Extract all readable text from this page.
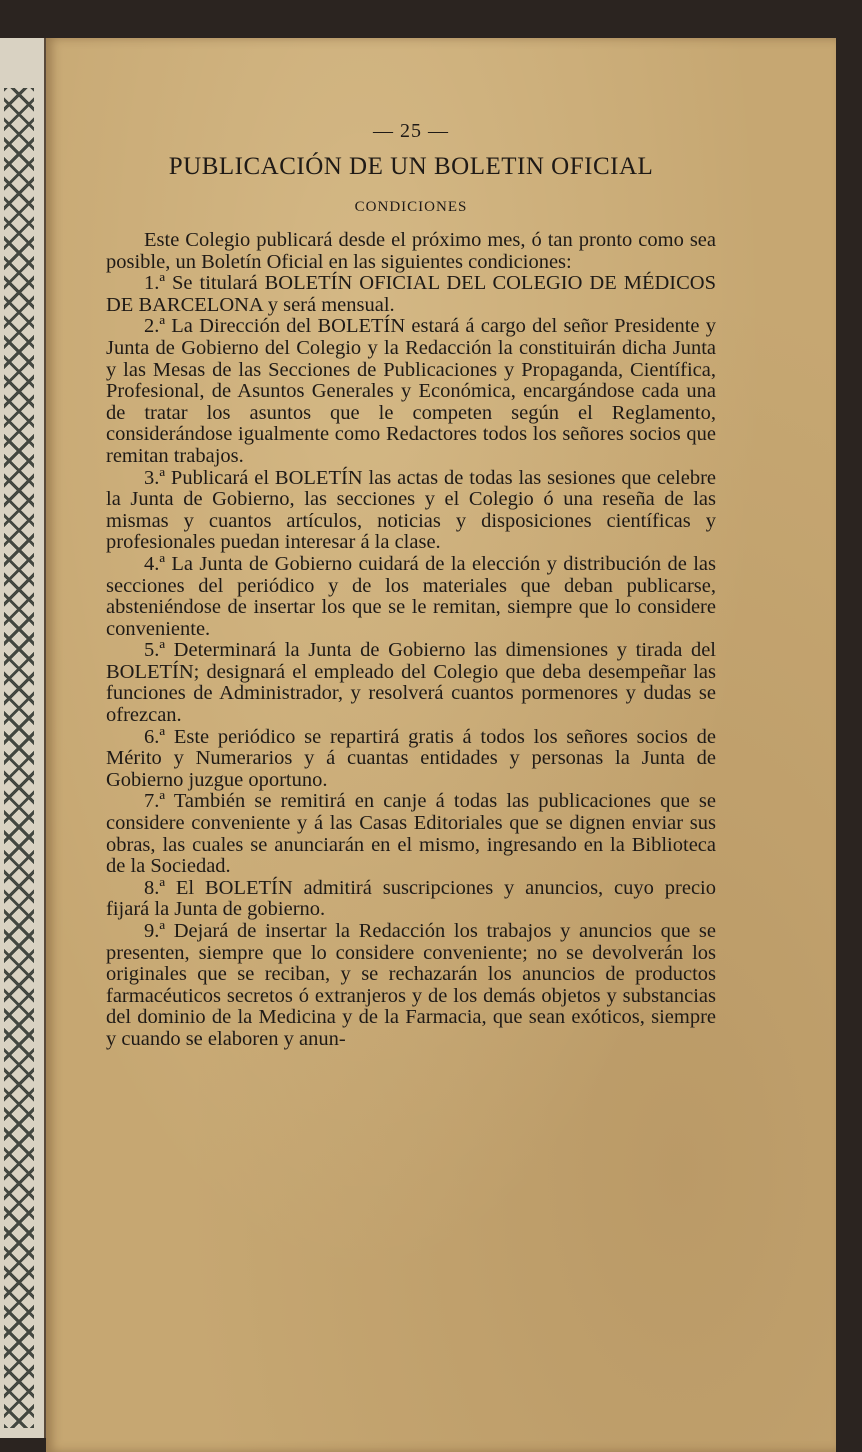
— 25 —

PUBLICACIÓN DE UN BOLETIN OFICIAL

CONDICIONES

Este Colegio publicará desde el próximo mes, ó tan pronto como sea posible, un Boletín Oficial en las siguientes condiciones:

1.ª Se titulará BOLETÍN OFICIAL DEL COLEGIO DE MÉDICOS DE BARCELONA y será mensual.

2.ª La Dirección del BOLETÍN estará á cargo del señor Presidente y Junta de Gobierno del Colegio y la Redacción la constituirán dicha Junta y las Mesas de las Secciones de Publicaciones y Propaganda, Científica, Profesional, de Asuntos Generales y Económica, encargándose cada una de tratar los asuntos que le competen según el Reglamento, considerándose igualmente como Redactores todos los señores socios que remitan trabajos.

3.ª Publicará el BOLETÍN las actas de todas las sesiones que celebre la Junta de Gobierno, las secciones y el Colegio ó una reseña de las mismas y cuantos artículos, noticias y disposiciones científicas y profesionales puedan interesar á la clase.

4.ª La Junta de Gobierno cuidará de la elección y distribución de las secciones del periódico y de los materiales que deban publicarse, absteniéndose de insertar los que se le remitan, siempre que lo considere conveniente.

5.ª Determinará la Junta de Gobierno las dimensiones y tirada del BOLETÍN; designará el empleado del Colegio que deba desempeñar las funciones de Administrador, y resolverá cuantos pormenores y dudas se ofrezcan.

6.ª Este periódico se repartirá gratis á todos los señores socios de Mérito y Numerarios y á cuantas entidades y personas la Junta de Gobierno juzgue oportuno.

7.ª También se remitirá en canje á todas las publicaciones que se considere conveniente y á las Casas Editoriales que se dignen enviar sus obras, las cuales se anunciarán en el mismo, ingresando en la Biblioteca de la Sociedad.

8.ª El BOLETÍN admitirá suscripciones y anuncios, cuyo precio fijará la Junta de gobierno.

9.ª Dejará de insertar la Redacción los trabajos y anuncios que se presenten, siempre que lo considere conveniente; no se devolverán los originales que se reciban, y se rechazarán los anuncios de productos farmacéuticos secretos ó extranjeros y de los demás objetos y substancias del dominio de la Medicina y de la Farmacia, que sean exóticos, siempre y cuando se elaboren y anun-
